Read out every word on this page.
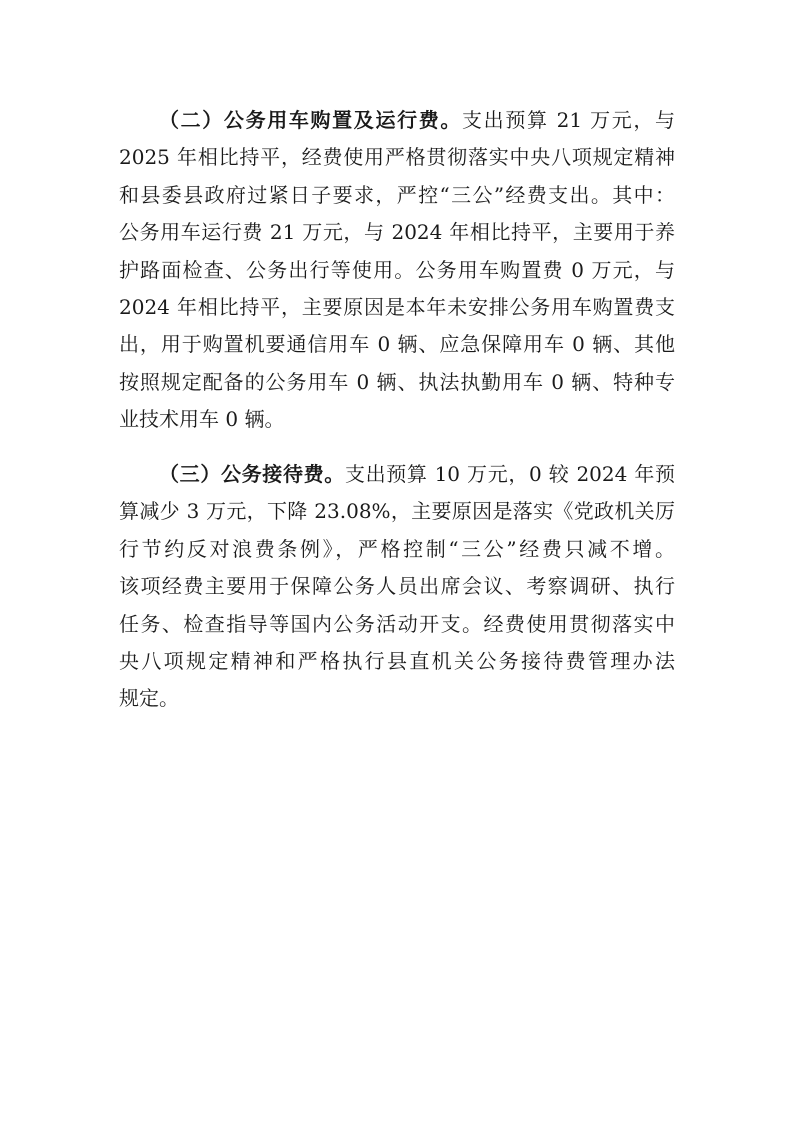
（二）公务用车购置及运行费。支出预算 21 万元，与
2025 年相比持平，经费使用严格贯彻落实中央八项规定精神
和县委县政府过紧日子要求，严控“三公”经费支出。其中：
公务用车运行费 21 万元，与 2024 年相比持平，主要用于养
护路面检查、公务出行等使用。公务用车购置费 0 万元，与
2024 年相比持平，主要原因是本年未安排公务用车购置费支
出，用于购置机要通信用车 0 辆、应急保障用车 0 辆、其他
按照规定配备的公务用车 0 辆、执法执勤用车 0 辆、特种专
业技术用车 0 辆。
（三）公务接待费。支出预算 10 万元，0 较 2024 年预
算减少 3 万元，下降 23.08%，主要原因是落实《党政机关厉
行节约反对浪费条例》，严格控制“三公”经费只减不增。
该项经费主要用于保障公务人员出席会议、考察调研、执行
任务、检查指导等国内公务活动开支。经费使用贯彻落实中
央八项规定精神和严格执行县直机关公务接待费管理办法
规定。
